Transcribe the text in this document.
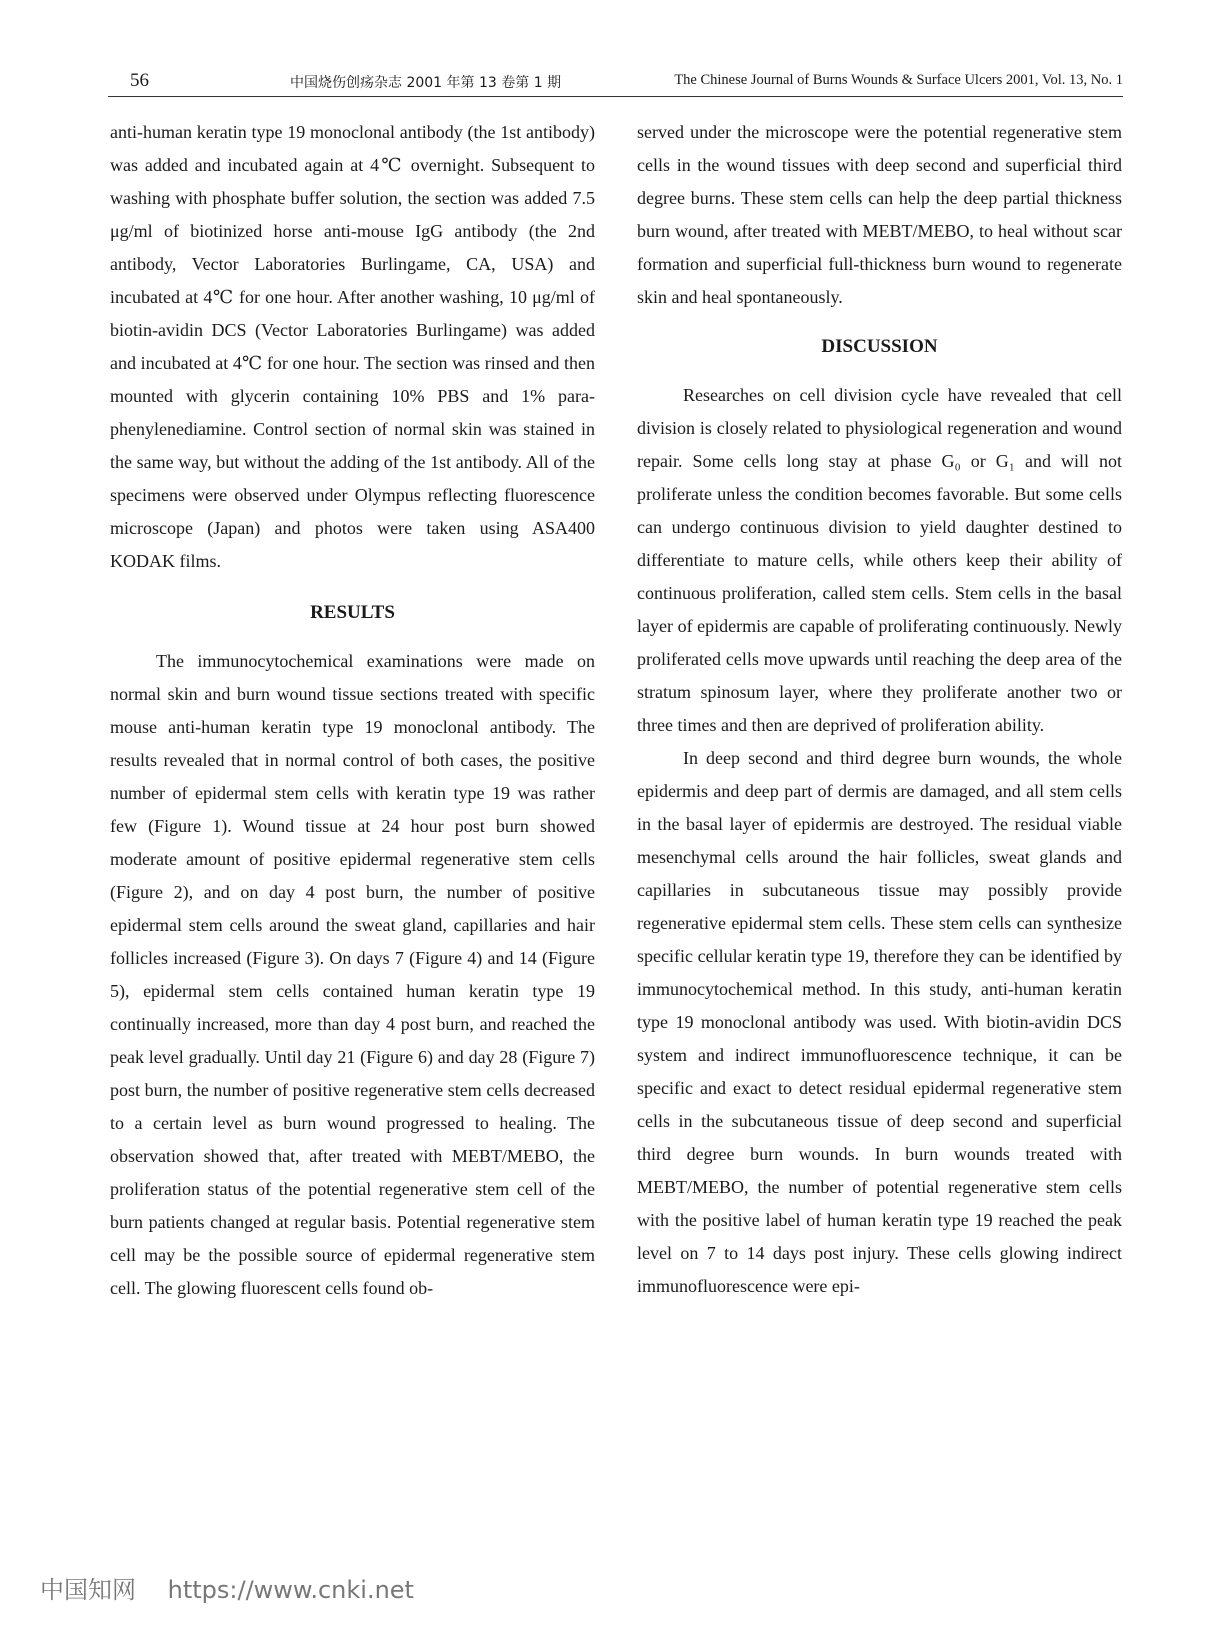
56	中国烧伤创疡杂志 2001 年第 13 卷第 1 期	The Chinese Journal of Burns Wounds & Surface Ulcers 2001, Vol. 13, No. 1

anti-human keratin type 19 monoclonal antibody (the 1st antibody) was added and incubated again at 4℃ overnight. Subsequent to washing with phosphate buffer solution, the section was added 7.5 μg/ml of biotinized horse anti-mouse IgG antibody (the 2nd antibody, Vector Laboratories Burlingame, CA, USA) and incubated at 4℃ for one hour. After another washing, 10 μg/ml of biotin-avidin DCS (Vector Laboratories Burlingame) was added and incubated at 4℃ for one hour. The section was rinsed and then mounted with glycerin containing 10% PBS and 1% para-phenylenediamine. Control section of normal skin was stained in the same way, but without the adding of the 1st antibody. All of the specimens were observed under Olympus reflecting fluorescence microscope (Japan) and photos were taken using ASA400 KODAK films.

RESULTS

The immunocytochemical examinations were made on normal skin and burn wound tissue sections treated with specific mouse anti-human keratin type 19 monoclonal antibody. The results revealed that in normal control of both cases, the positive number of epidermal stem cells with keratin type 19 was rather few (Figure 1). Wound tissue at 24 hour post burn showed moderate amount of positive epidermal regenerative stem cells (Figure 2), and on day 4 post burn, the number of positive epidermal stem cells around the sweat gland, capillaries and hair follicles increased (Figure 3). On days 7 (Figure 4) and 14 (Figure 5), epidermal stem cells contained human keratin type 19 continually increased, more than day 4 post burn, and reached the peak level gradually. Until day 21 (Figure 6) and day 28 (Figure 7) post burn, the number of positive regenerative stem cells decreased to a certain level as burn wound progressed to healing. The observation showed that, after treated with MEBT/MEBO, the proliferation status of the potential regenerative stem cell of the burn patients changed at regular basis. Potential regenerative stem cell may be the possible source of epidermal regenerative stem cell. The glowing fluorescent cells found ob-

served under the microscope were the potential regenerative stem cells in the wound tissues with deep second and superficial third degree burns. These stem cells can help the deep partial thickness burn wound, after treated with MEBT/MEBO, to heal without scar formation and superficial full-thickness burn wound to regenerate skin and heal spontaneously.

DISCUSSION

Researches on cell division cycle have revealed that cell division is closely related to physiological regeneration and wound repair. Some cells long stay at phase G₀ or G₁ and will not proliferate unless the condition becomes favorable. But some cells can undergo continuous division to yield daughter destined to differentiate to mature cells, while others keep their ability of continuous proliferation, called stem cells. Stem cells in the basal layer of epidermis are capable of proliferating continuously. Newly proliferated cells move upwards until reaching the deep area of the stratum spinosum layer, where they proliferate another two or three times and then are deprived of proliferation ability.

In deep second and third degree burn wounds, the whole epidermis and deep part of dermis are damaged, and all stem cells in the basal layer of epidermis are destroyed. The residual viable mesenchymal cells around the hair follicles, sweat glands and capillaries in subcutaneous tissue may possibly provide regenerative epidermal stem cells. These stem cells can synthesize specific cellular keratin type 19, therefore they can be identified by immunocytochemical method. In this study, anti-human keratin type 19 monoclonal antibody was used. With biotin-avidin DCS system and indirect immunofluorescence technique, it can be specific and exact to detect residual epidermal regenerative stem cells in the subcutaneous tissue of deep second and superficial third degree burn wounds. In burn wounds treated with MEBT/MEBO, the number of potential regenerative stem cells with the positive label of human keratin type 19 reached the peak level on 7 to 14 days post injury. These cells glowing indirect immunofluorescence were epi-

中国知网 https://www.cnki.net
